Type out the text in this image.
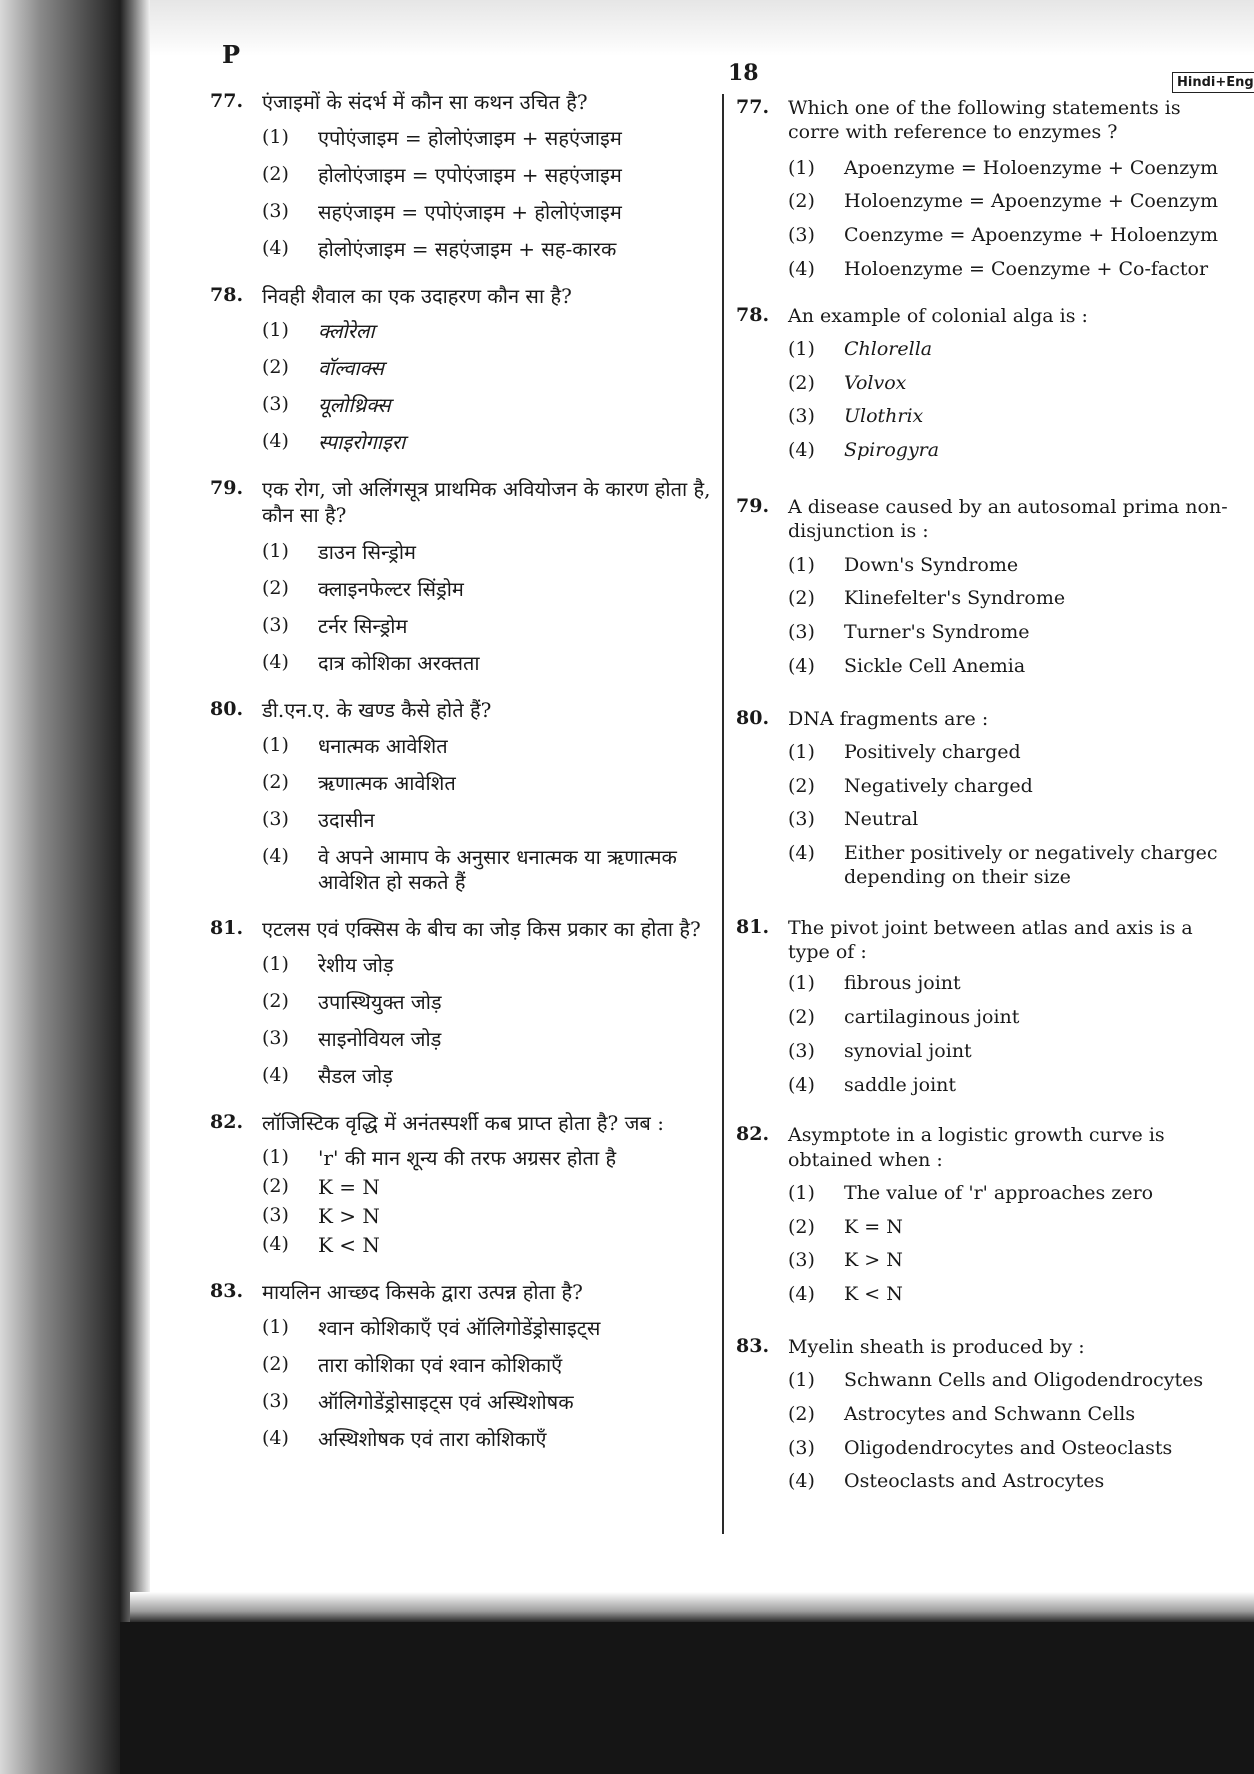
P
18	Hindi+Eng
77. एंजाइमों के संदर्भ में कौन सा कथन उचित है?
(1) एपोएंजाइम = होलोएंजाइम + सहएंजाइम
(2) होलोएंजाइम = एपोएंजाइम + सहएंजाइम
(3) सहएंजाइम = एपोएंजाइम + होलोएंजाइम
(4) होलोएंजाइम = सहएंजाइम + सह-कारक
78. निवही शैवाल का एक उदाहरण कौन सा है?
(1) क्लोरेला
(2) वॉल्वाक्स
(3) यूलोथ्रिक्स
(4) स्पाइरोगाइरा
79. एक रोग, जो अलिंगसूत्र प्राथमिक अवियोजन के कारण होता है, कौन सा है?
(1) डाउन सिन्ड्रोम
(2) क्लाइनफेल्टर सिंड्रोम
(3) टर्नर सिन्ड्रोम
(4) दात्र कोशिका अरक्तता
80. डी.एन.ए. के खण्ड कैसे होते हैं?
(1) धनात्मक आवेशित
(2) ऋणात्मक आवेशित
(3) उदासीन
(4) वे अपने आमाप के अनुसार धनात्मक या ऋणात्मक आवेशित हो सकते हैं
81. एटलस एवं एक्सिस के बीच का जोड़ किस प्रकार का होता है?
(1) रेशीय जोड़
(2) उपास्थियुक्त जोड़
(3) साइनोवियल जोड़
(4) सैडल जोड़
82. लॉजिस्टिक वृद्धि में अनंतस्पर्शी कब प्राप्त होता है? जब :
(1) 'r' की मान शून्य की तरफ अग्रसर होता है
(2) K = N
(3) K > N
(4) K < N
83. मायलिन आच्छद किसके द्वारा उत्पन्न होता है?
(1) श्वान कोशिकाएँ एवं ऑलिगोडेंड्रोसाइट्स
(2) तारा कोशिका एवं श्वान कोशिकाएँ
(3) ऑलिगोडेंड्रोसाइट्स एवं अस्थिशोषक
(4) अस्थिशोषक एवं तारा कोशिकाएँ
77. Which one of the following statements is corre with reference to enzymes ?
(1) Apoenzyme = Holoenzyme + Coenzym
(2) Holoenzyme = Apoenzyme + Coenzym
(3) Coenzyme = Apoenzyme + Holoenzym
(4) Holoenzyme = Coenzyme + Co-factor
78. An example of colonial alga is :
(1) Chlorella
(2) Volvox
(3) Ulothrix
(4) Spirogyra
79. A disease caused by an autosomal prima non-disjunction is :
(1) Down's Syndrome
(2) Klinefelter's Syndrome
(3) Turner's Syndrome
(4) Sickle Cell Anemia
80. DNA fragments are :
(1) Positively charged
(2) Negatively charged
(3) Neutral
(4) Either positively or negatively chargec depending on their size
81. The pivot joint between atlas and axis is a type of :
(1) fibrous joint
(2) cartilaginous joint
(3) synovial joint
(4) saddle joint
82. Asymptote in a logistic growth curve is obtained when :
(1) The value of 'r' approaches zero
(2) K = N
(3) K > N
(4) K < N
83. Myelin sheath is produced by :
(1) Schwann Cells and Oligodendrocytes
(2) Astrocytes and Schwann Cells
(3) Oligodendrocytes and Osteoclasts
(4) Osteoclasts and Astrocytes
